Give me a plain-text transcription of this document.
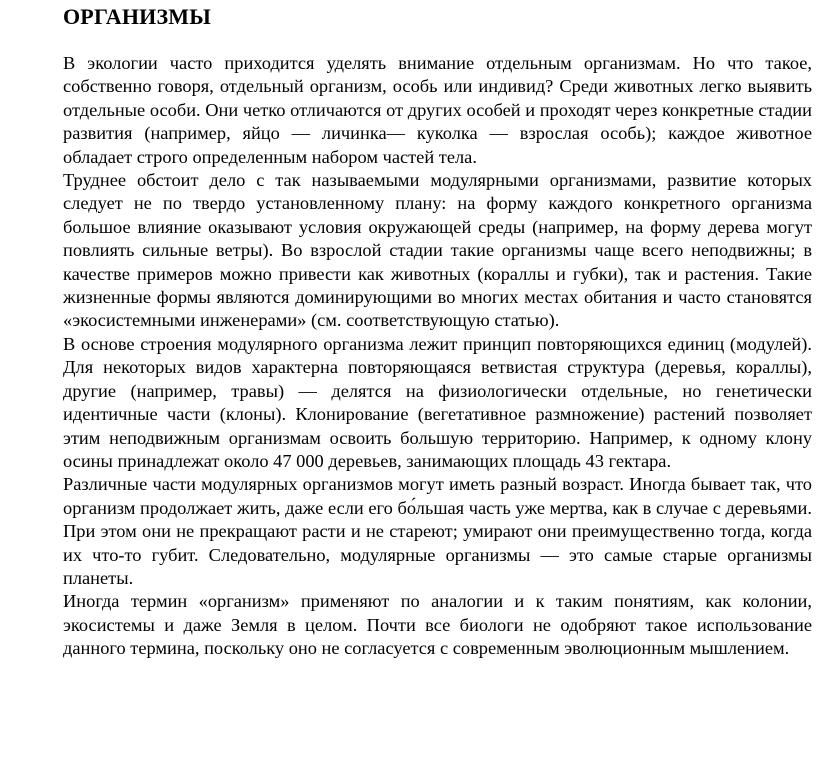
ОРГАНИЗМЫ

В экологии часто приходится уделять внимание отдельным организмам. Но что такое, собственно говоря, отдельный организм, особь или индивид? Среди животных легко выявить отдельные особи. Они четко отличаются от других особей и проходят через конкретные стадии развития (например, яйцо — личинка— куколка — взрослая особь); каждое животное обладает строго определенным набором частей тела.

Труднее обстоит дело с так называемыми модулярными организмами, развитие которых следует не по твердо установленному плану: на форму каждого конкретного организма большое влияние оказывают условия окружающей среды (например, на форму дерева могут повлиять сильные ветры). Во взрослой стадии такие организмы чаще всего неподвижны; в качестве примеров можно привести как животных (кораллы и губки), так и растения. Такие жизненные формы являются доминирующими во многих местах обитания и часто становятся «экосистемными инженерами» (см. соответствующую статью).

В основе строения модулярного организма лежит принцип повторяющихся единиц (модулей). Для некоторых видов характерна повторяющаяся ветвистая структура (деревья, кораллы), другие (например, травы) — делятся на физиологически отдельные, но генетически идентичные части (клоны). Клонирование (вегетативное размножение) растений позволяет этим неподвижным организмам освоить большую территорию. Например, к одному клону осины принадлежат около 47 000 деревьев, занимающих площадь 43 гектара.

Различные части модулярных организмов могут иметь разный возраст. Иногда бывает так, что организм продолжает жить, даже если его бо́льшая часть уже мертва, как в случае с деревьями. При этом они не прекращают расти и не стареют; умирают они преимущественно тогда, когда их что-то губит. Следовательно, модулярные организмы — это самые старые организмы планеты.

Иногда термин «организм» применяют по аналогии и к таким понятиям, как колонии, экосистемы и даже Земля в целом. Почти все биологи не одобряют такое использование данного термина, поскольку оно не согласуется с современным эволюционным мышлением.
